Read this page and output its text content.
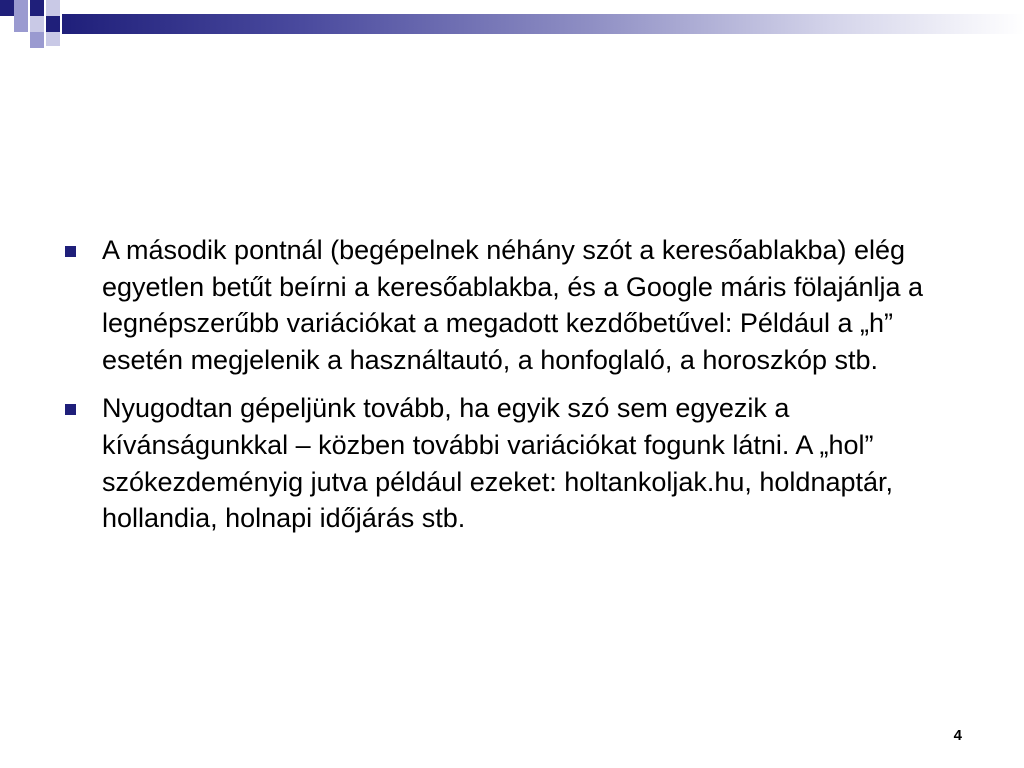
A második pontnál (begépelnek néhány szót a keresőablakba) elég egyetlen betűt beírni a keresőablakba, és a Google máris fölajánlja a legnépszerűbb variációkat a megadott kezdőbetűvel: Például a „h” esetén megjelenik a használtautó, a honfoglaló, a horoszkóp stb.
Nyugodtan gépeljünk tovább, ha egyik szó sem egyezik a kívánságunkkal – közben további variációkat fogunk látni. A „hol” szókezdeményig jutva például ezeket: holtankoljak.hu, holdnaptár, hollandia, holnapi időjárás stb.
4
